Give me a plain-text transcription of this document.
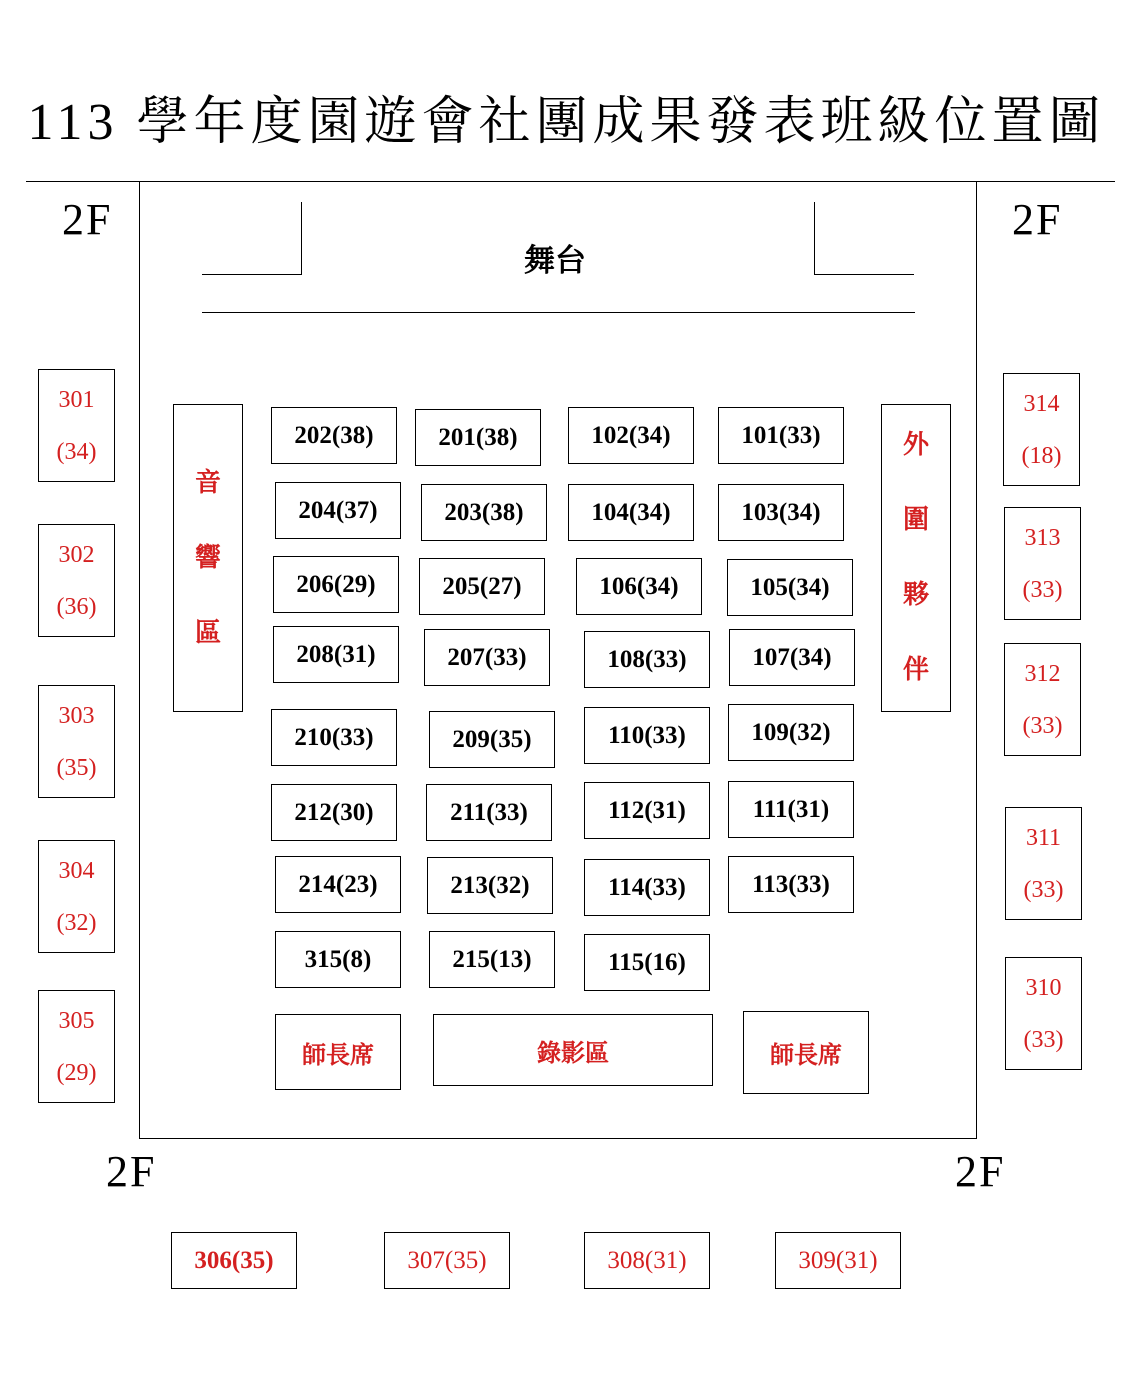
113 學年度園遊會社團成果發表班級位置圖
2F	2F
2F	2F
舞台
音
響
區
外
圍
夥
伴
202(38)	201(38)	102(34)	101(33)
204(37)	203(38)	104(34)	103(34)
206(29)	205(27)	106(34)	105(34)
208(31)	207(33)	108(33)	107(34)
210(33)	209(35)	110(33)	109(32)
212(30)	211(33)	112(31)	111(31)
214(23)	213(32)	114(33)	113(33)
315(8)	215(13)	115(16)
師長席	錄影區	師長席
301
(34)
302
(36)
303
(35)
304
(32)
305
(29)
314
(18)
313
(33)
312
(33)
311
(33)
310
(33)
306(35)	307(35)	308(31)	309(31)
